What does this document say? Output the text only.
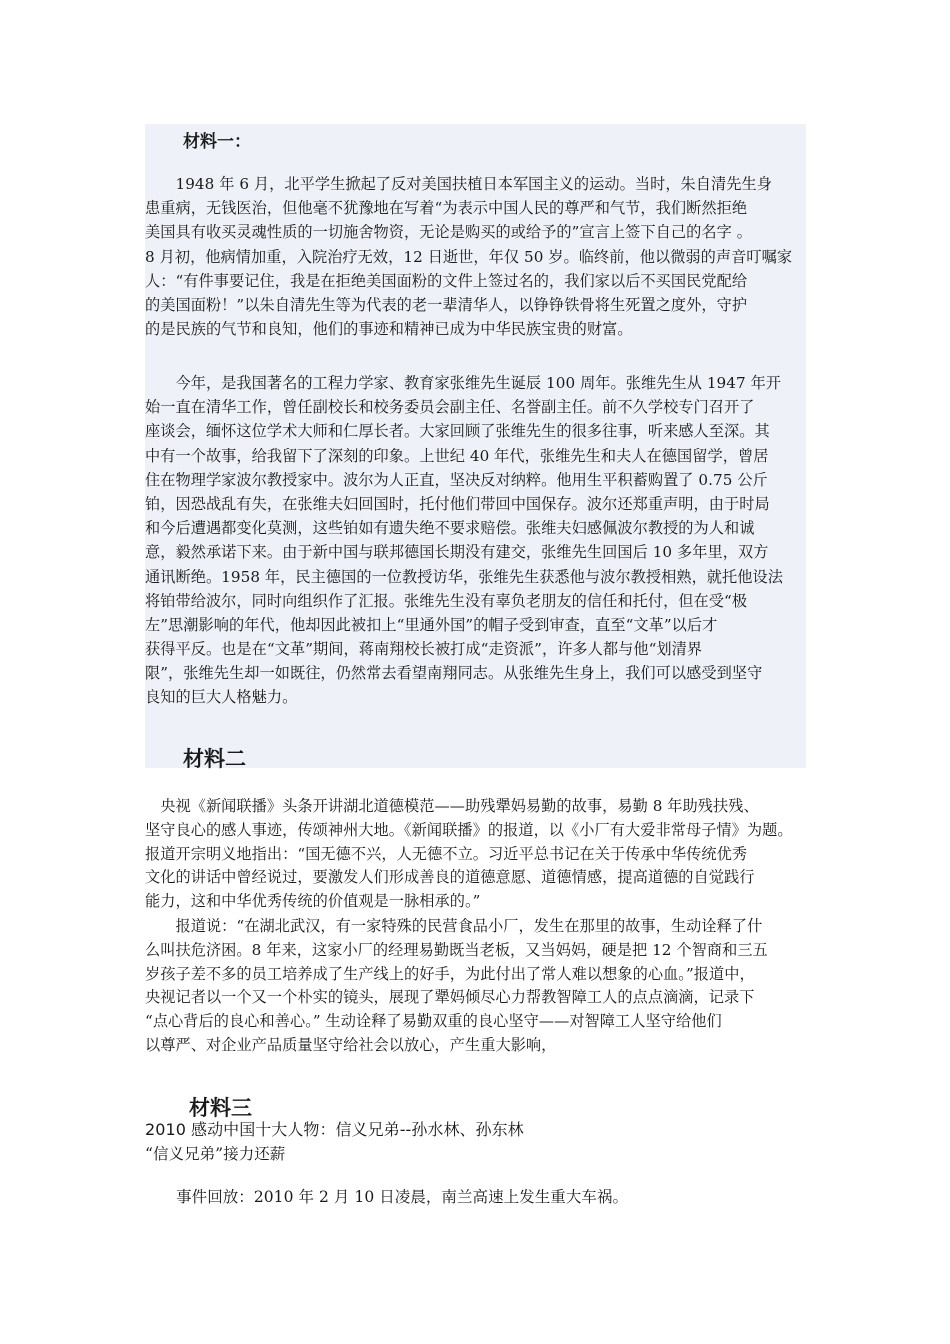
材料一：
　　1948 年 6 月，北平学生掀起了反对美国扶植日本军国主义的运动。当时，朱自清先生身
患重病，无钱医治，但他毫不犹豫地在写着“为表示中国人民的尊严和气节，我们断然拒绝
美国具有收买灵魂性质的一切施舍物资，无论是购买的或给予的”宣言上签下自己的名字 。
8 月初，他病情加重，入院治疗无效，12 日逝世，年仅 50 岁。临终前，他以微弱的声音叮嘱家
人：“有件事要记住，我是在拒绝美国面粉的文件上签过名的，我们家以后不买国民党配给
的美国面粉！”以朱自清先生等为代表的老一辈清华人，以铮铮铁骨将生死置之度外，守护
的是民族的气节和良知，他们的事迹和精神已成为中华民族宝贵的财富。
　　今年，是我国著名的工程力学家、教育家张维先生诞辰 100 周年。张维先生从 1947 年开
始一直在清华工作，曾任副校长和校务委员会副主任、名誉副主任。前不久学校专门召开了
座谈会，缅怀这位学术大师和仁厚长者。大家回顾了张维先生的很多往事，听来感人至深。其
中有一个故事，给我留下了深刻的印象。上世纪 40 年代，张维先生和夫人在德国留学，曾居
住在物理学家波尔教授家中。波尔为人正直，坚决反对纳粹。他用生平积蓄购置了 0.75 公斤
铂，因恐战乱有失，在张维夫妇回国时，托付他们带回中国保存。波尔还郑重声明，由于时局
和今后遭遇都变化莫测，这些铂如有遗失绝不要求赔偿。张维夫妇感佩波尔教授的为人和诚
意，毅然承诺下来。由于新中国与联邦德国长期没有建交，张维先生回国后 10 多年里，双方
通讯断绝。1958 年，民主德国的一位教授访华，张维先生获悉他与波尔教授相熟，就托他设法
将铂带给波尔，同时向组织作了汇报。张维先生没有辜负老朋友的信任和托付，但在受“极
左”思潮影响的年代，他却因此被扣上“里通外国”的帽子受到审查，直至“文革”以后才
获得平反。也是在“文革”期间，蒋南翔校长被打成“走资派”，许多人都与他“划清界
限”，张维先生却一如既往，仍然常去看望南翔同志。从张维先生身上，我们可以感受到坚守
良知的巨大人格魅力。
材料二
　央视《新闻联播》头条开讲湖北道德模范——助残犟妈易勤的故事，易勤 8 年助残扶残、
坚守良心的感人事迹，传颂神州大地。《新闻联播》的报道，以《小厂有大爱非常母子情》为题。
报道开宗明义地指出：“国无德不兴，人无德不立。习近平总书记在关于传承中华传统优秀
文化的讲话中曾经说过，要激发人们形成善良的道德意愿、道德情感，提高道德的自觉践行
能力，这和中华优秀传统的价值观是一脉相承的。”
　　报道说：“在湖北武汉，有一家特殊的民营食品小厂，发生在那里的故事，生动诠释了什
么叫扶危济困。8 年来，这家小厂的经理易勤既当老板，又当妈妈，硬是把 12 个智商和三五
岁孩子差不多的员工培养成了生产线上的好手，为此付出了常人难以想象的心血。”报道中，
央视记者以一个又一个朴实的镜头，展现了犟妈倾尽心力帮教智障工人的点点滴滴，记录下
“点心背后的良心和善心。” 生动诠释了易勤双重的良心坚守——对智障工人坚守给他们
以尊严、对企业产品质量坚守给社会以放心，产生重大影响，
材料三
2010 感动中国十大人物：信义兄弟--孙水林、孙东林
“信义兄弟”接力还薪
　　事件回放：2010 年 2 月 10 日凌晨，南兰高速上发生重大车祸。
